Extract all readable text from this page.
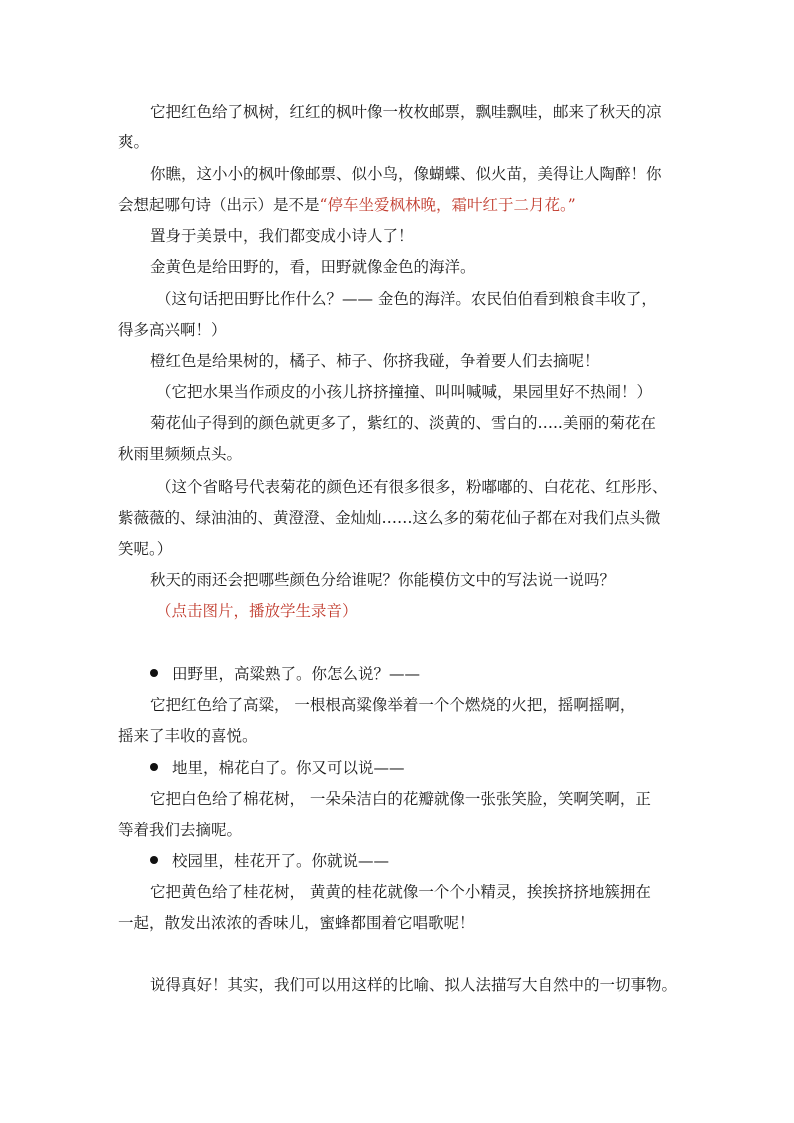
它把红色给了枫树，红红的枫叶像一枚枚邮票，飘哇飘哇，邮来了秋天的凉
爽。
你瞧，这小小的枫叶像邮票、似小鸟，像蝴蝶、似火苗，美得让人陶醉！你
会想起哪句诗（出示）是不是“停车坐爱枫林晚，霜叶红于二月花。”
置身于美景中，我们都变成小诗人了！
金黄色是给田野的，看，田野就像金色的海洋。
（这句话把田野比作什么？—— 金色的海洋。农民伯伯看到粮食丰收了，
得多高兴啊！）
橙红色是给果树的，橘子、柿子、你挤我碰，争着要人们去摘呢！
（它把水果当作顽皮的小孩儿挤挤撞撞、叫叫喊喊，果园里好不热闹！）
菊花仙子得到的颜色就更多了，紫红的、淡黄的、雪白的…..美丽的菊花在
秋雨里频频点头。
（这个省略号代表菊花的颜色还有很多很多，粉嘟嘟的、白花花、红彤彤、
紫薇薇的、绿油油的、黄澄澄、金灿灿……这么多的菊花仙子都在对我们点头微
笑呢。）
秋天的雨还会把哪些颜色分给谁呢？你能模仿文中的写法说一说吗？
（点击图片，播放学生录音）
田野里，高粱熟了。你怎么说？——
它把红色给了高粱， 一根根高粱像举着一个个燃烧的火把，摇啊摇啊，
摇来了丰收的喜悦。
地里，棉花白了。你又可以说——
它把白色给了棉花树， 一朵朵洁白的花瓣就像一张张笑脸，笑啊笑啊，正
等着我们去摘呢。
校园里，桂花开了。你就说——
它把黄色给了桂花树， 黄黄的桂花就像一个个小精灵，挨挨挤挤地簇拥在
一起，散发出浓浓的香味儿，蜜蜂都围着它唱歌呢！
说得真好！其实，我们可以用这样的比喻、拟人法描写大自然中的一切事物。
